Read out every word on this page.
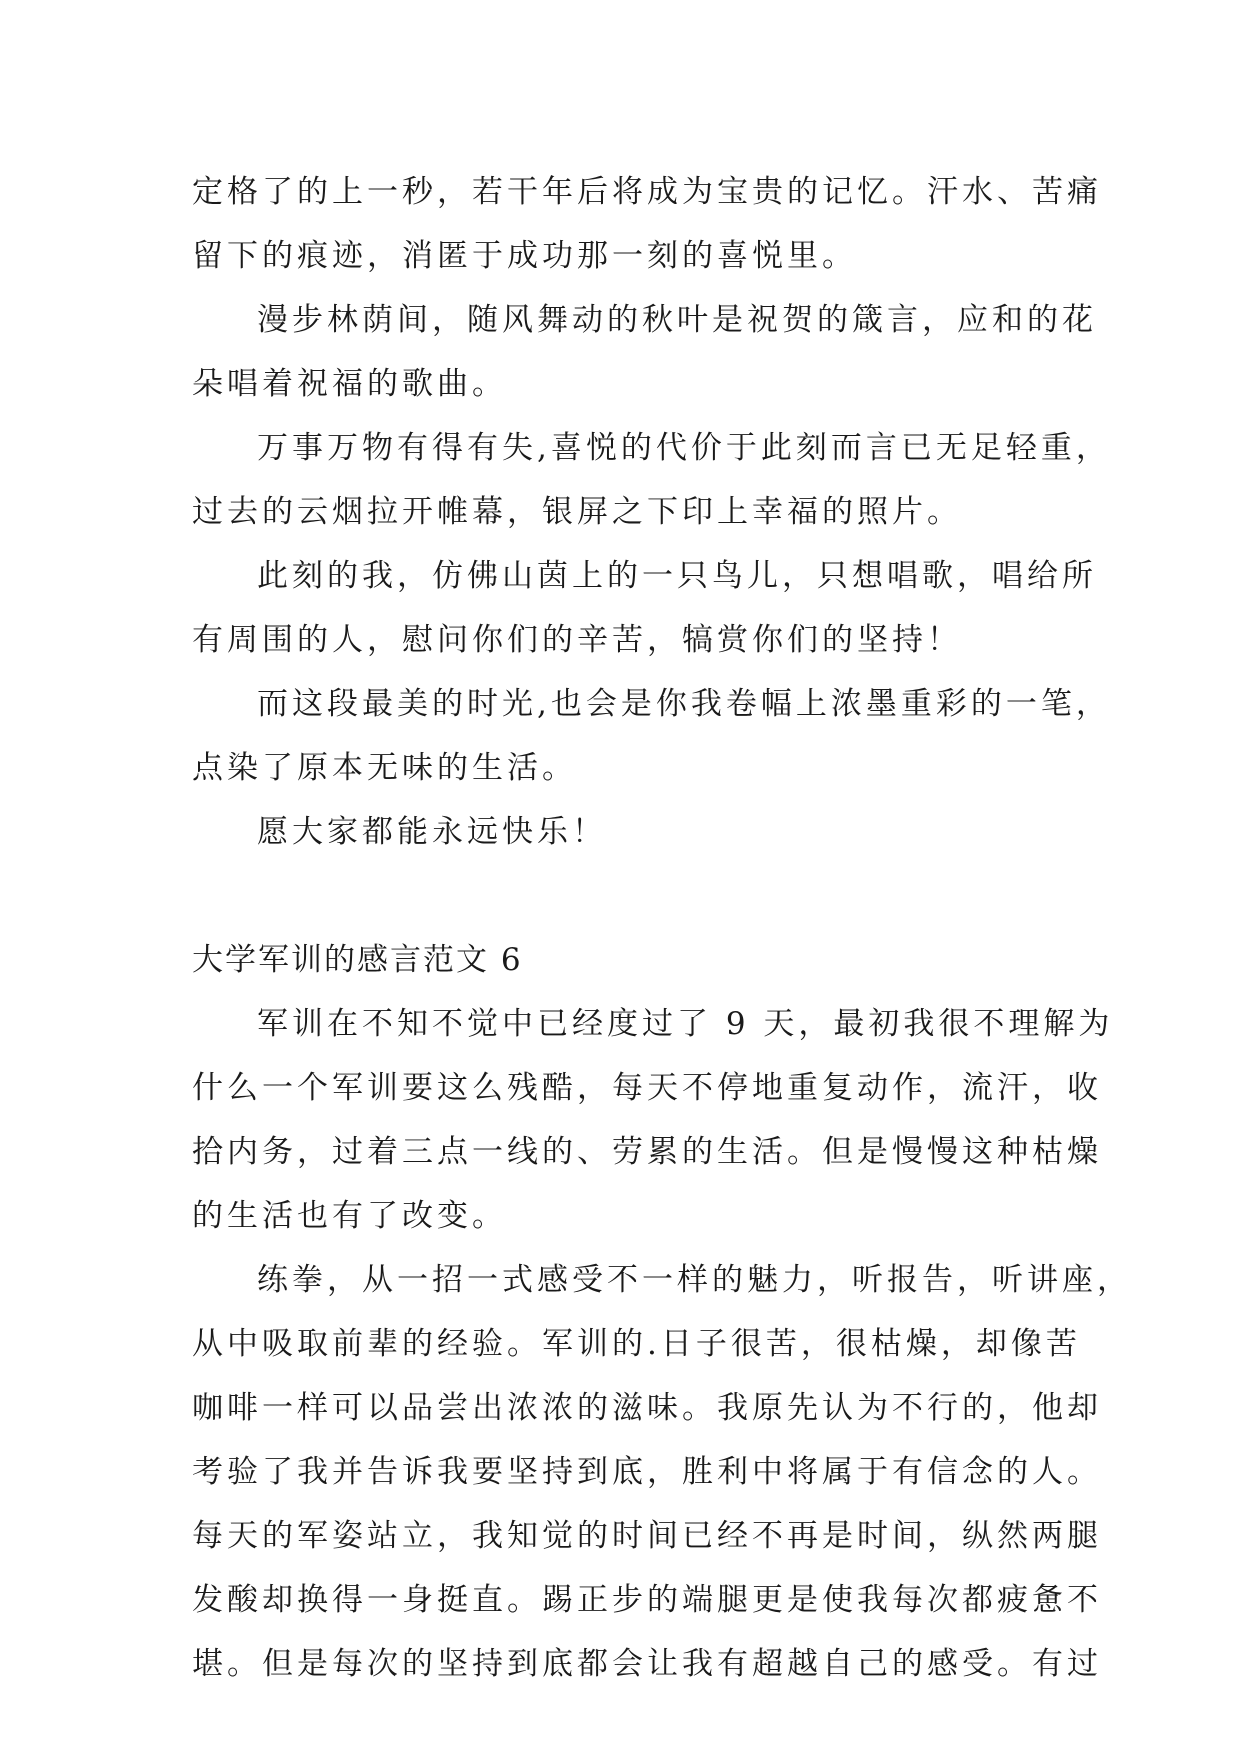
定格了的上一秒，若干年后将成为宝贵的记忆。汗水、苦痛
留下的痕迹，消匿于成功那一刻的喜悦里。
漫步林荫间，随风舞动的秋叶是祝贺的箴言，应和的花
朵唱着祝福的歌曲。
万事万物有得有失,喜悦的代价于此刻而言已无足轻重，
过去的云烟拉开帷幕，银屏之下印上幸福的照片。
此刻的我，仿佛山茵上的一只鸟儿，只想唱歌，唱给所
有周围的人，慰问你们的辛苦，犒赏你们的坚持！
而这段最美的时光,也会是你我卷幅上浓墨重彩的一笔，
点染了原本无味的生活。
愿大家都能永远快乐！
大学军训的感言范文 6
军训在不知不觉中已经度过了 9 天，最初我很不理解为
什么一个军训要这么残酷，每天不停地重复动作，流汗，收
拾内务，过着三点一线的、劳累的生活。但是慢慢这种枯燥
的生活也有了改变。
练拳，从一招一式感受不一样的魅力，听报告，听讲座，
从中吸取前辈的经验。军训的.日子很苦，很枯燥，却像苦
咖啡一样可以品尝出浓浓的滋味。我原先认为不行的，他却
考验了我并告诉我要坚持到底，胜利中将属于有信念的人。
每天的军姿站立，我知觉的时间已经不再是时间，纵然两腿
发酸却换得一身挺直。踢正步的端腿更是使我每次都疲惫不
堪。但是每次的坚持到底都会让我有超越自己的感受。有过
